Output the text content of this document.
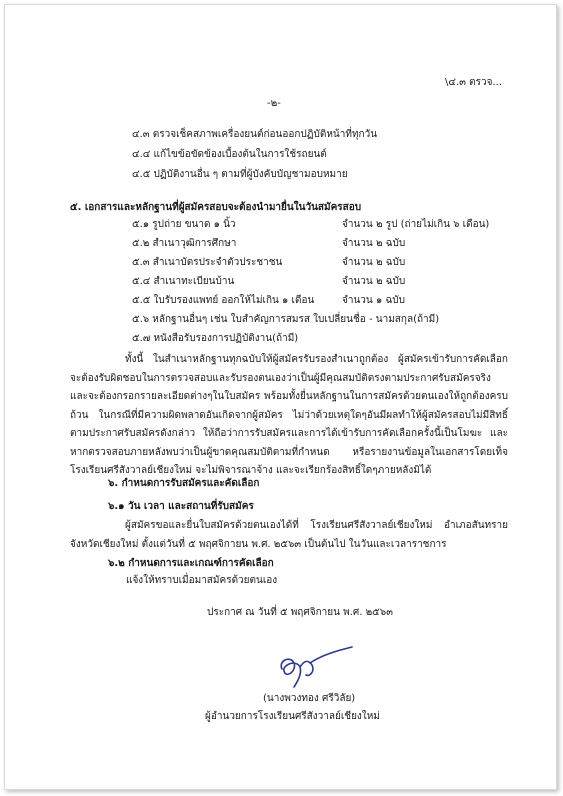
\๔.๓ ตรวจ...
-๒-
๔.๓ ตรวจเช็คสภาพเครื่องยนต์ก่อนออกปฏิบัติหน้าที่ทุกวัน
๔.๔ แก้ไขข้อขัดข้องเบื้องต้นในการใช้รถยนต์
๔.๕ ปฏิบัติงานอื่น ๆ ตามที่ผู้บังคับบัญชามอบหมาย
๕. เอกสารและหลักฐานที่ผู้สมัครสอบจะต้องนำมายื่นในวันสมัครสอบ
๕.๑ รูปถ่าย ขนาด ๑ นิ้ว	จำนวน ๒ รูป (ถ่ายไม่เกิน ๖ เดือน)
๕.๒ สำเนาวุฒิการศึกษา	จำนวน ๒ ฉบับ
๕.๓ สำเนาบัตรประจำตัวประชาชน	จำนวน ๒ ฉบับ
๕.๔ สำเนาทะเบียนบ้าน	จำนวน ๒ ฉบับ
๕.๕ ใบรับรองแพทย์ ออกให้ไม่เกิน ๑ เดือน	จำนวน ๑ ฉบับ
๕.๖ หลักฐานอื่นๆ เช่น ใบสำคัญการสมรส ใบเปลี่ยนชื่อ - นามสกุล(ถ้ามี)
๕.๗ หนังสือรับรองการปฏิบัติงาน(ถ้ามี)
ทั้งนี้ ในสำเนาหลักฐานทุกฉบับให้ผู้สมัครรับรองสำเนาถูกต้อง ผู้สมัครเข้ารับการคัดเลือก จะต้องรับผิดชอบในการตรวจสอบและรับรองตนเองว่าเป็นผู้มีคุณสมบัติตรงตามประกาศรับสมัครจริง และจะต้องกรอกรายละเอียดต่างๆในใบสมัคร พร้อมทั้งยื่นหลักฐานในการสมัครด้วยตนเองให้ถูกต้องครบถ้วน ในกรณีที่มีความผิดพลาดอันเกิดจากผู้สมัคร ไม่ว่าด้วยเหตุใดๆอันมีผลทำให้ผู้สมัครสอบไม่มีสิทธิ์ตามประกาศรับสมัครดังกล่าว ให้ถือว่าการรับสมัครและการได้เข้ารับการคัดเลือกครั้งนี้เป็นโมฆะ และหากตรวจสอบภายหลังพบว่าเป็นผู้ขาดคุณสมบัติตามที่กำหนด หรือรายงานข้อมูลในเอกสารโดยเท็จ โรงเรียนศรีสังวาลย์เชียงใหม่ จะไม่พิจารณาจ้าง และจะเรียกร้องสิทธิ์ใดๆภายหลังมิได้
๖. กำหนดการรับสมัครและคัดเลือก
๖.๑ วัน เวลา และสถานที่รับสมัคร
ผู้สมัครขอและยื่นใบสมัครด้วยตนเองได้ที่ โรงเรียนศรีสังวาลย์เชียงใหม่ อำเภอสันทรายจังหวัดเชียงใหม่ ตั้งแต่วันที่ ๕ พฤศจิกายน พ.ศ. ๒๕๖๓ เป็นต้นไป ในวันและเวลาราชการ
๖.๒ กำหนดการและเกณฑ์การคัดเลือก
แจ้งให้ทราบเมื่อมาสมัครด้วยตนเอง
ประกาศ ณ วันที่ ๕ พฤศจิกายน พ.ศ. ๒๕๖๓
(นางพวงทอง ศรีวิลัย)
ผู้อำนวยการโรงเรียนศรีสังวาลย์เชียงใหม่
